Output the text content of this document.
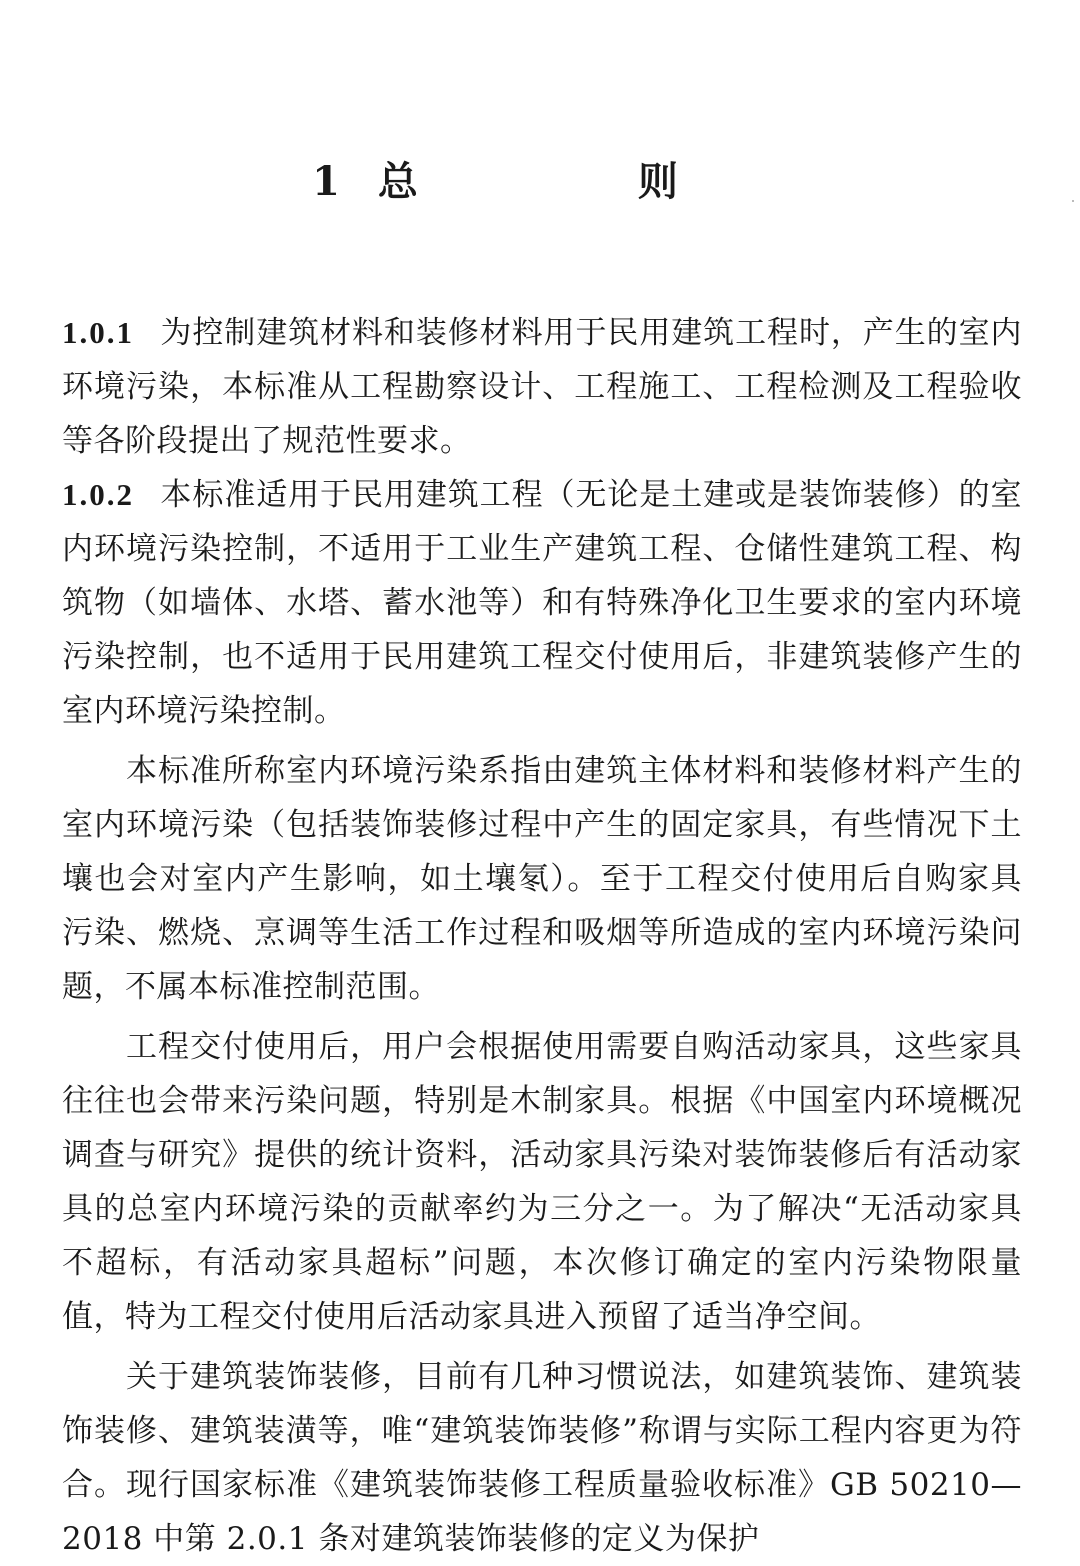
1 总　则

1.0.1 为控制建筑材料和装修材料用于民用建筑工程时，产生的室内环境污染，本标准从工程勘察设计、工程施工、工程检测及工程验收等各阶段提出了规范性要求。

1.0.2 本标准适用于民用建筑工程（无论是土建或是装饰装修）的室内环境污染控制，不适用于工业生产建筑工程、仓储性建筑工程、构筑物（如墙体、水塔、蓄水池等）和有特殊净化卫生要求的室内环境污染控制，也不适用于民用建筑工程交付使用后，非建筑装修产生的室内环境污染控制。

本标准所称室内环境污染系指由建筑主体材料和装修材料产生的室内环境污染（包括装饰装修过程中产生的固定家具，有些情况下土壤也会对室内产生影响，如土壤氡）。至于工程交付使用后自购家具污染、燃烧、烹调等生活工作过程和吸烟等所造成的室内环境污染问题，不属本标准控制范围。

工程交付使用后，用户会根据使用需要自购活动家具，这些家具往往也会带来污染问题，特别是木制家具。根据《中国室内环境概况调查与研究》提供的统计资料，活动家具污染对装饰装修后有活动家具的总室内环境污染的贡献率约为三分之一。为了解决“无活动家具不超标，有活动家具超标”问题，本次修订确定的室内污染物限量值，特为工程交付使用后活动家具进入预留了适当净空间。

关于建筑装饰装修，目前有几种习惯说法，如建筑装饰、建筑装饰装修、建筑装潢等，唯“建筑装饰装修”称谓与实际工程内容更为符合。现行国家标准《建筑装饰装修工程质量验收标准》GB 50210—2018 中第 2.0.1 条对建筑装饰装修的定义为保护
